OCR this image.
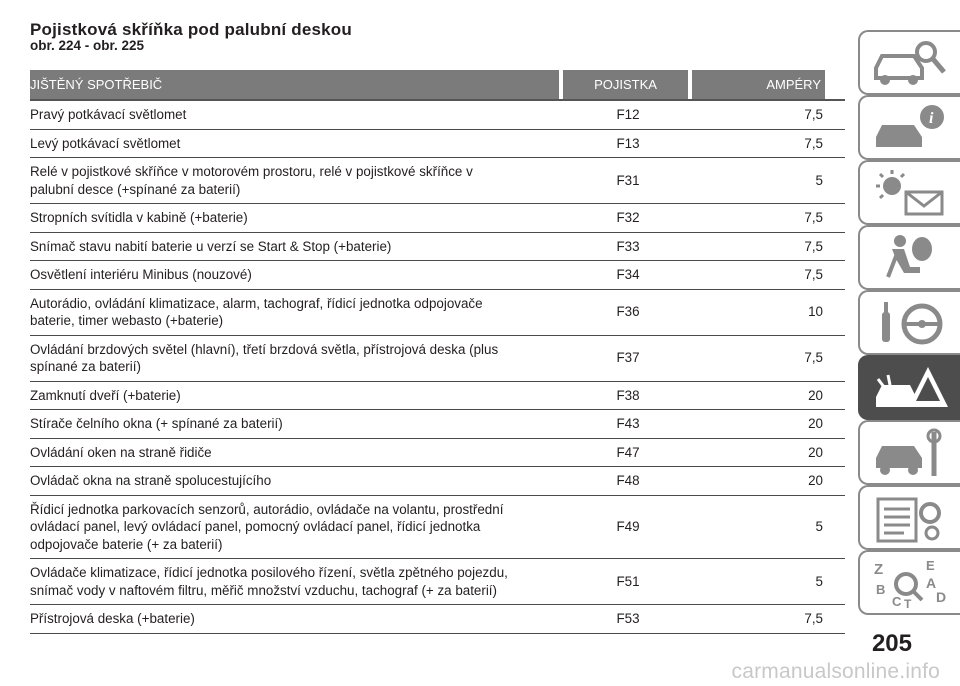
Pojistková skříňka pod palubní deskou
obr. 224 - obr. 225
JIŠTĚNÝ SPOTŘEBIČ	POJISTKA	AMPÉRY
Pravý potkávací světlomet	F12	7,5
Levý potkávací světlomet	F13	7,5
Relé v pojistkové skříňce v motorovém prostoru, relé v pojistkové skříňce v
palubní desce (+spínané za baterií)
F31	5
Stropních svítidla v kabině (+baterie)	F32	7,5
Snímač stavu nabití baterie u verzí se Start & Stop (+baterie)	F33	7,5
Osvětlení interiéru Minibus (nouzové)	F34	7,5
Autorádio, ovládání klimatizace, alarm, tachograf, řídicí jednotka odpojovače
baterie, timer webasto (+baterie)
F36	10
Ovládání brzdových světel (hlavní), třetí brzdová světla, přístrojová deska (plus
spínané za baterií)
F37	7,5
Zamknutí dveří (+baterie)	F38	20
Stírače čelního okna (+ spínané za baterií)	F43	20
Ovládání oken na straně řidiče	F47	20
Ovládač okna na straně spolucestujícího	F48	20
Řídicí jednotka parkovacích senzorů, autorádio, ovládače na volantu, prostřední
ovládací panel, levý ovládací panel, pomocný ovládací panel, řídicí jednotka
odpojovače baterie (+ za baterií)
F49	5
Ovládače klimatizace, řídicí jednotka posilového řízení, světla zpětného pojezdu,
snímač vody v naftovém filtru, měřič množství vzduchu, tachograf (+ za baterií)
F51	5
Přístrojová deska (+baterie)	F53	7,5
i
Z	E
A
B
C T D
205
carmanualsonline.info
